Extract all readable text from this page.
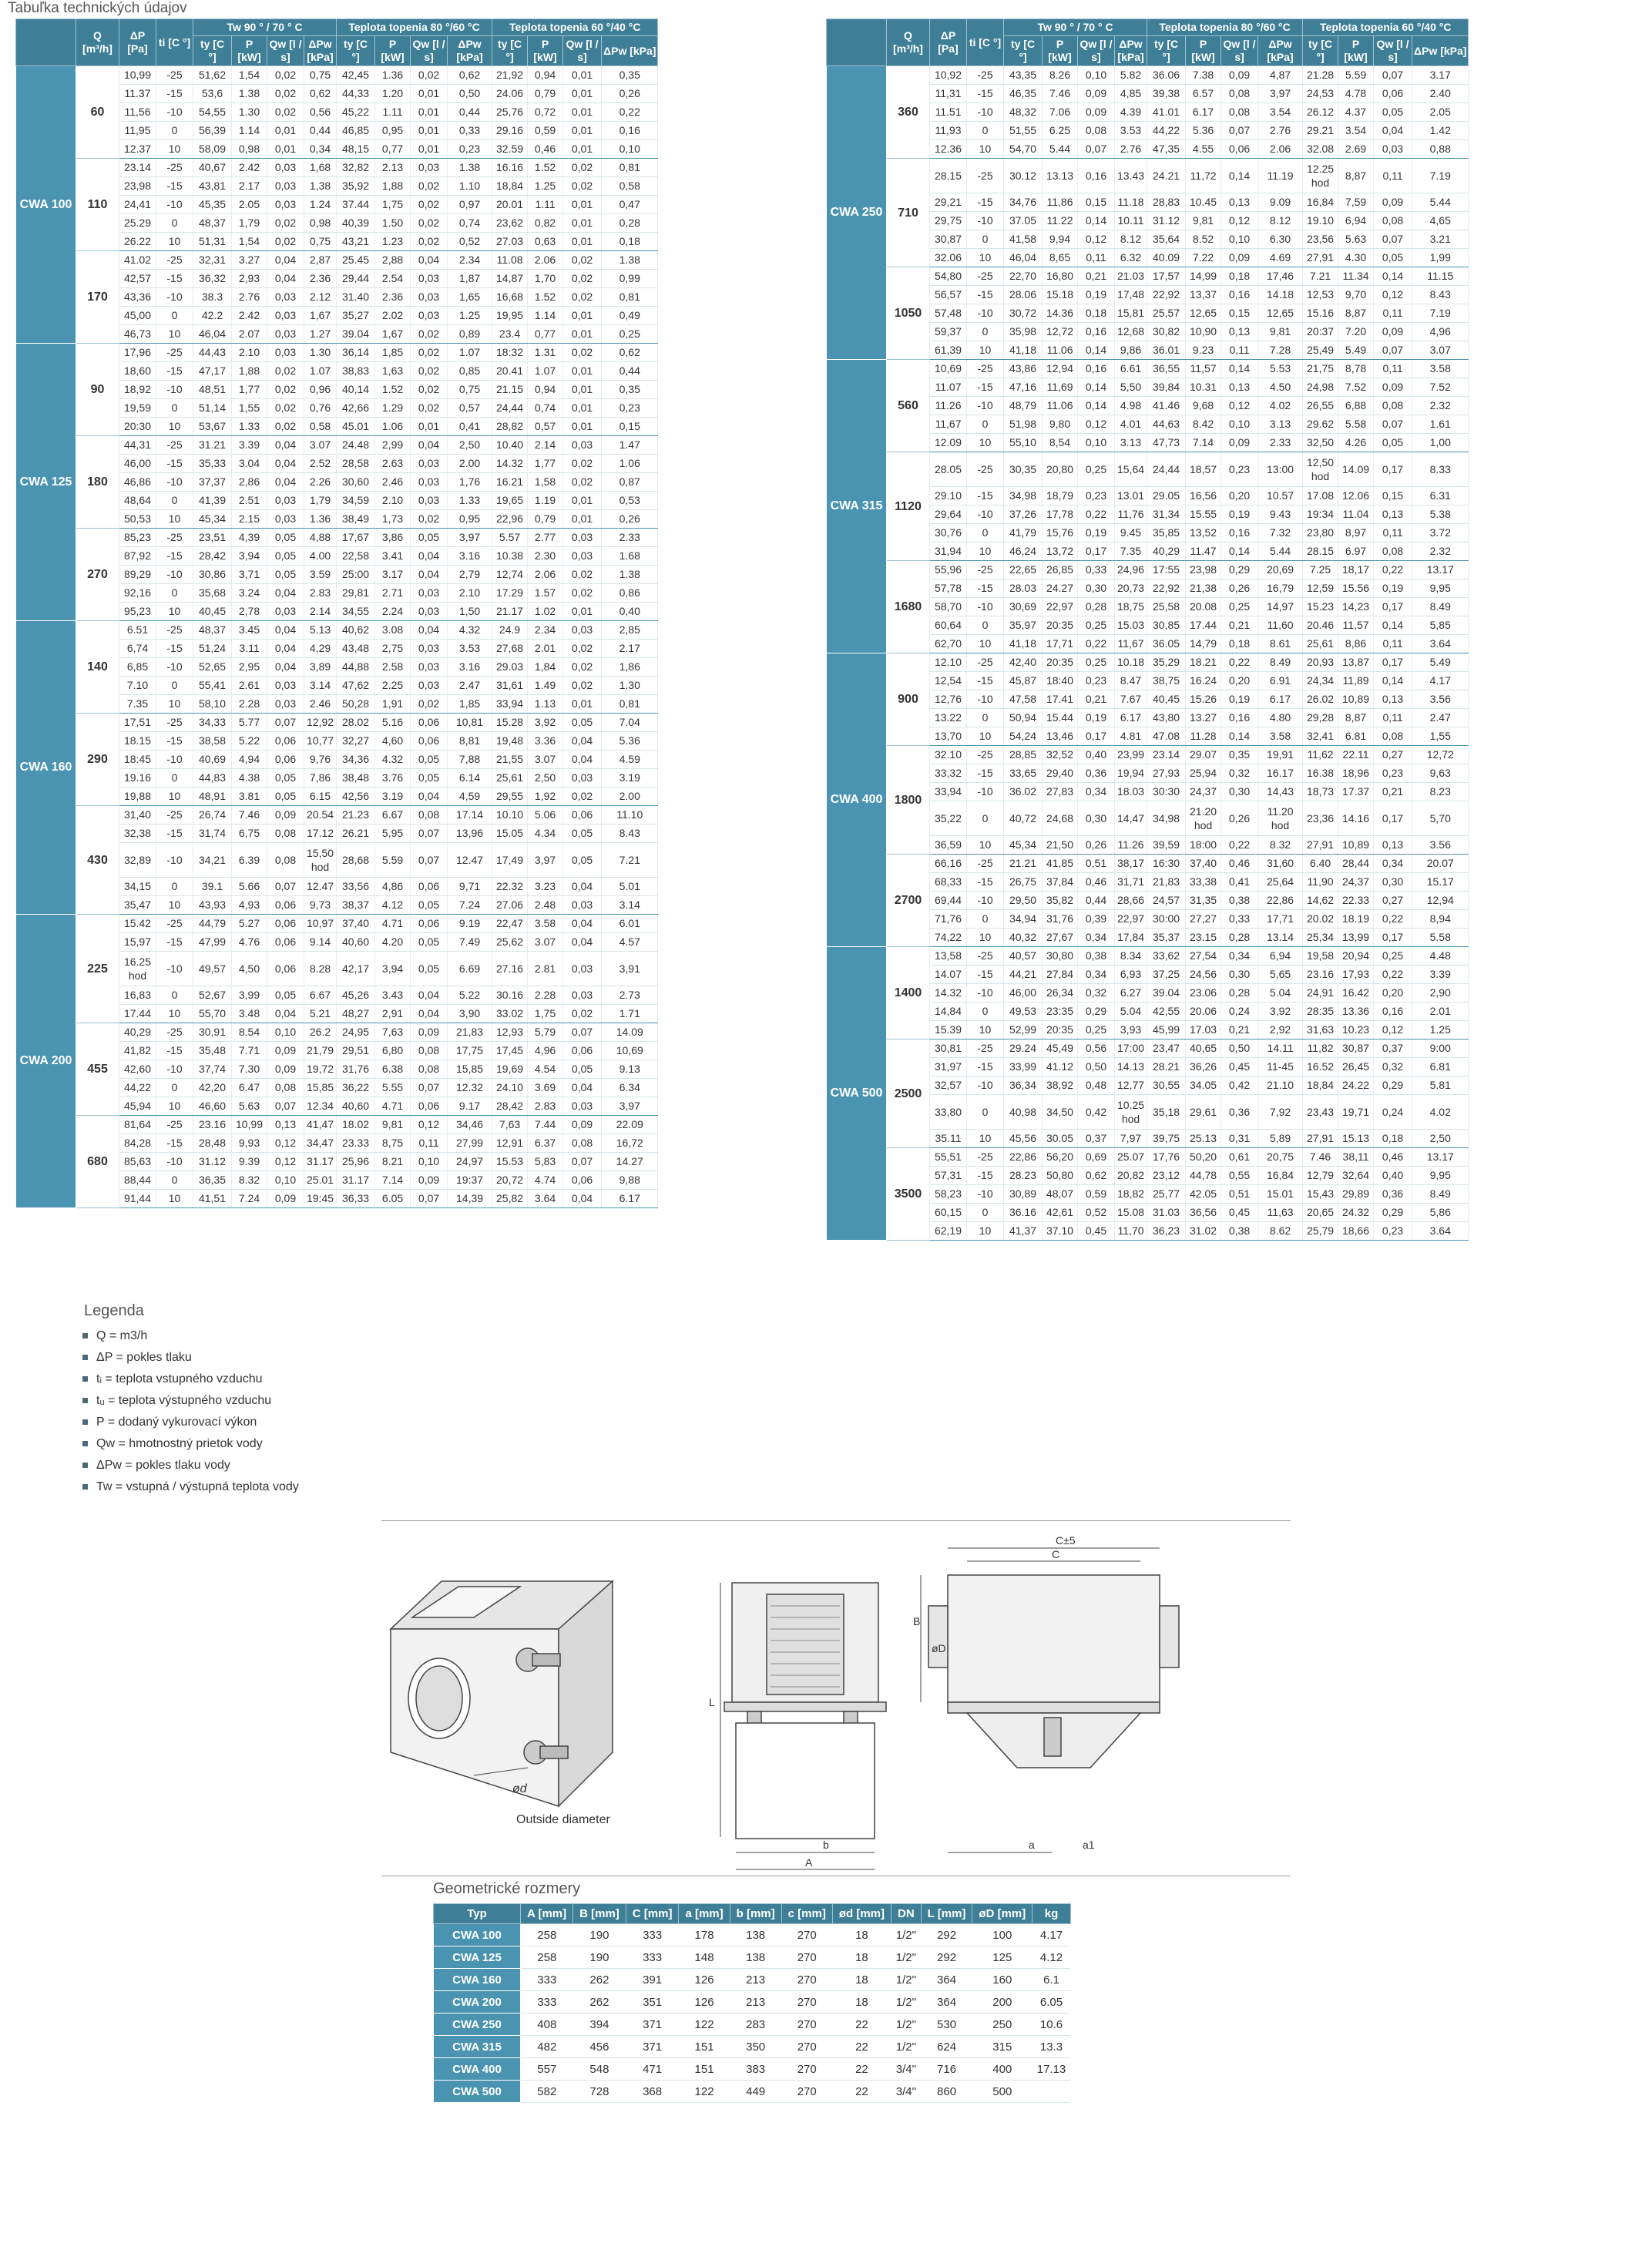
Tabuľka technických údajov
	Q [m³/h]	ΔP [Pa]	ti [C °]	Tw 90 ° / 70 ° C				Teplota topenia 80 °/60 °C				Teplota topenia 60 °/40 °C			
				ty [C °]	P [kW]	Qw [l / s]	ΔPw [kPa]	ty [C °]	P [kW]	Qw [l / s]	ΔPw [kPa]	ty [C °]	P [kW]	Qw [l / s]	ΔPw [kPa]
CWA 100	60	10,99	-25	51,62	1,54	0,02	0,75	42,45	1.36	0,02	0,62	21,92	0,94	0,01	0,35
		11.37	-15	53,6	1.38	0,02	0,62	44,33	1.20	0,01	0,50	24.06	0,79	0,01	0,26
		11,56	-10	54,55	1.30	0,02	0,56	45,22	1.11	0,01	0,44	25,76	0,72	0,01	0,22
		11,95	0	56,39	1.14	0,01	0,44	46,85	0,95	0,01	0,33	29.16	0,59	0,01	0,16
		12.37	10	58,09	0,98	0,01	0,34	48,15	0,77	0,01	0,23	32.59	0,46	0,01	0,10
	110	23.14	-25	40,67	2.42	0,03	1,68	32,82	2.13	0,03	1.38	16.16	1.52	0,02	0,81
		23,98	-15	43,81	2.17	0,03	1,38	35,92	1,88	0,02	1.10	18,84	1.25	0,02	0,58
		24,41	-10	45,35	2.05	0,03	1.24	37.44	1,75	0,02	0,97	20.01	1.11	0,01	0,47
		25.29	0	48,37	1,79	0,02	0,98	40,39	1.50	0,02	0,74	23,62	0,82	0,01	0,28
		26.22	10	51,31	1,54	0,02	0,75	43,21	1.23	0,02	0,52	27.03	0,63	0,01	0,18
	170	41.02	-25	32,31	3.27	0,04	2,87	25.45	2,88	0,04	2.34	11.08	2.06	0,02	1.38
		42,57	-15	36,32	2,93	0,04	2.36	29,44	2.54	0,03	1,87	14,87	1,70	0,02	0,99
		43,36	-10	38.3	2.76	0,03	2.12	31.40	2.36	0,03	1,65	16,68	1.52	0,02	0,81
		45,00	0	42.2	2.42	0,03	1,67	35,27	2.02	0,03	1.25	19,95	1.14	0,01	0,49
		46,73	10	46,04	2.07	0,03	1.27	39.04	1,67	0,02	0,89	23.4	0,77	0,01	0,25
CWA 125	90	17,96	-25	44,43	2.10	0,03	1.30	36,14	1,85	0,02	1.07	18:32	1.31	0,02	0,62
		18,60	-15	47,17	1,88	0,02	1.07	38,83	1,63	0,02	0,85	20.41	1.07	0,01	0,44
		18,92	-10	48,51	1,77	0,02	0,96	40,14	1.52	0,02	0,75	21.15	0,94	0,01	0,35
		19,59	0	51,14	1,55	0,02	0,76	42,66	1.29	0,02	0,57	24,44	0,74	0,01	0,23
		20:30	10	53,67	1.33	0,02	0,58	45.01	1.06	0,01	0,41	28,82	0,57	0,01	0,15
	180	44,31	-25	31.21	3.39	0,04	3.07	24.48	2,99	0,04	2,50	10.40	2.14	0,03	1.47
		46,00	-15	35,33	3.04	0,04	2.52	28,58	2.63	0,03	2.00	14.32	1,77	0,02	1.06
		46,86	-10	37,37	2,86	0,04	2.26	30,60	2.46	0,03	1,76	16.21	1,58	0,02	0,87
		48,64	0	41,39	2.51	0,03	1,79	34,59	2.10	0,03	1.33	19,65	1.19	0,01	0,53
		50,53	10	45,34	2.15	0,03	1.36	38,49	1,73	0,02	0,95	22,96	0,79	0,01	0,26
	270	85,23	-25	23,51	4,39	0,05	4,88	17,67	3,86	0,05	3,97	5.57	2.77	0,03	2.33
		87,92	-15	28,42	3,94	0,05	4.00	22,58	3.41	0,04	3.16	10.38	2.30	0,03	1.68
		89,29	-10	30,86	3,71	0,05	3.59	25:00	3.17	0,04	2,79	12,74	2.06	0,02	1.38
		92,16	0	35,68	3.24	0,04	2.83	29,81	2.71	0,03	2.10	17.29	1.57	0,02	0,86
		95,23	10	40,45	2,78	0,03	2.14	34,55	2.24	0,03	1,50	21.17	1.02	0,01	0,40
CWA 160	140	6.51	-25	48,37	3.45	0,04	5.13	40,62	3.08	0,04	4.32	24.9	2.34	0,03	2,85
		6,74	-15	51,24	3.11	0,04	4,29	43,48	2,75	0,03	3.53	27,68	2.01	0,02	2.17
		6,85	-10	52,65	2,95	0,04	3,89	44,88	2.58	0,03	3.16	29.03	1,84	0,02	1,86
		7.10	0	55,41	2.61	0,03	3.14	47,62	2.25	0,03	2.47	31,61	1.49	0,02	1.30
		7.35	10	58,10	2.28	0,03	2.46	50,28	1,91	0,02	1,85	33,94	1.13	0,01	0,81
	290	17,51	-25	34,33	5.77	0,07	12,92	28.02	5.16	0,06	10,81	15.28	3,92	0,05	7.04
		18.15	-15	38,58	5.22	0,06	10,77	32,27	4,60	0,06	8,81	19,48	3.36	0,04	5.36
		18:45	-10	40,69	4,94	0,06	9,76	34,36	4.32	0,05	7,88	21,55	3.07	0,04	4.59
		19.16	0	44,83	4.38	0,05	7,86	38,48	3.76	0,05	6.14	25,61	2,50	0,03	3.19
		19,88	10	48,91	3.81	0,05	6.15	42,56	3.19	0,04	4,59	29,55	1,92	0,02	2.00
	430	31,40	-25	26,74	7.46	0,09	20.54	21.23	6.67	0,08	17.14	10.10	5.06	0,06	11.10
		32,38	-15	31,74	6,75	0,08	17.12	26.21	5,95	0,07	13,96	15.05	4.34	0,05	8.43
		32,89	-10	34,21	6.39	0,08	15,50 hod	28,68	5.59	0,07	12.47	17,49	3,97	0,05	7.21
		34,15	0	39.1	5.66	0,07	12.47	33,56	4,86	0,06	9,71	22.32	3.23	0,04	5.01
		35,47	10	43,93	4,93	0,06	9,73	38,37	4.12	0,05	7.24	27.06	2.48	0,03	3.14
CWA 200	225	15.42	-25	44,79	5.27	0,06	10,97	37,40	4.71	0,06	9.19	22,47	3.58	0,04	6.01
		15,97	-15	47,99	4.76	0,06	9.14	40,60	4.20	0,05	7.49	25,62	3.07	0,04	4.57
		16.25 hod	-10	49,57	4,50	0,06	8.28	42,17	3,94	0,05	6.69	27.16	2.81	0,03	3,91
		16,83	0	52,67	3,99	0,05	6.67	45,26	3.43	0,04	5.22	30.16	2.28	0,03	2.73
		17.44	10	55,70	3.48	0,04	5.21	48,27	2,91	0,04	3,90	33.02	1,75	0,02	1.71
	455	40,29	-25	30,91	8.54	0,10	26.2	24,95	7,63	0,09	21,83	12,93	5,79	0,07	14.09
		41,82	-15	35,48	7.71	0,09	21,79	29,51	6,80	0,08	17,75	17,45	4,96	0,06	10,69
		42,60	-10	37,74	7.30	0,09	19,72	31,76	6.38	0,08	15,85	19,69	4.54	0,05	9.13
		44,22	0	42,20	6.47	0,08	15,85	36,22	5.55	0,07	12.32	24.10	3.69	0,04	6.34
		45,94	10	46,60	5.63	0,07	12.34	40,60	4.71	0,06	9.17	28,42	2.83	0,03	3,97
	680	81,64	-25	23.16	10,99	0,13	41,47	18.02	9,81	0,12	34,46	7,63	7.44	0,09	22.09
		84,28	-15	28,48	9,93	0,12	34,47	23.33	8,75	0,11	27,99	12,91	6.37	0,08	16,72
		85,63	-10	31.12	9.39	0,12	31.17	25,96	8.21	0,10	24,97	15.53	5,83	0,07	14.27
		88,44	0	36,35	8.32	0,10	25.01	31.17	7.14	0,09	19:37	20,72	4.74	0,06	9,88
		91,44	10	41,51	7.24	0,09	19:45	36,33	6.05	0,07	14,39	25,82	3.64	0,04	6.17
	Q [m³/h]	ΔP [Pa]	ti [C °]	Tw 90 ° / 70 ° C				Teplota topenia 80 °/60 °C				Teplota topenia 60 °/40 °C			
				ty [C °]	P [kW]	Qw [l / s]	ΔPw [kPa]	ty [C °]	P [kW]	Qw [l / s]	ΔPw [kPa]	ty [C °]	P [kW]	Qw [l / s]	ΔPw [kPa]
CWA 250	360	10,92	-25	43,35	8.26	0,10	5.82	36.06	7.38	0,09	4,87	21.28	5.59	0,07	3.17
		11,31	-15	46,35	7.46	0,09	4,85	39,38	6.57	0,08	3,97	24,53	4.78	0,06	2.40
		11.51	-10	48,32	7.06	0,09	4.39	41.01	6.17	0,08	3.54	26.12	4.37	0,05	2.05
		11,93	0	51,55	6.25	0,08	3.53	44,22	5.36	0,07	2.76	29.21	3.54	0,04	1.42
		12.36	10	54,70	5.44	0,07	2.76	47,35	4.55	0,06	2.06	32.08	2.69	0,03	0,88
	710	28.15	-25	30.12	13.13	0,16	13.43	24.21	11,72	0,14	11.19	12.25 hod	8,87	0,11	7.19
		29,21	-15	34,76	11,86	0,15	11.18	28,83	10.45	0,13	9.09	16,84	7,59	0,09	5.44
		29,75	-10	37.05	11.22	0,14	10.11	31.12	9,81	0,12	8.12	19.10	6,94	0,08	4,65
		30,87	0	41,58	9,94	0,12	8.12	35,64	8.52	0,10	6.30	23,56	5.63	0,07	3.21
		32.06	10	46,04	8,65	0,11	6.32	40.09	7.22	0,09	4.69	27,91	4.30	0,05	1,99
	1050	54,80	-25	22,70	16,80	0,21	21.03	17,57	14,99	0,18	17,46	7.21	11.34	0,14	11.15
		56,57	-15	28.06	15.18	0,19	17,48	22,92	13,37	0,16	14.18	12,53	9,70	0,12	8.43
		57,48	-10	30,72	14.36	0,18	15,81	25,57	12,65	0,15	12,65	15.16	8,87	0,11	7.19
		59,37	0	35,98	12,72	0,16	12,68	30,82	10,90	0,13	9,81	20:37	7.20	0,09	4,96
		61,39	10	41,18	11.06	0,14	9,86	36.01	9.23	0,11	7.28	25,49	5.49	0,07	3.07
CWA 315	560	10,69	-25	43,86	12,94	0,16	6.61	36,55	11,57	0,14	5.53	21,75	8,78	0,11	3.58
		11.07	-15	47,16	11,69	0,14	5,50	39,84	10.31	0,13	4.50	24,98	7.52	0,09	7.52
		11.26	-10	48,79	11.06	0,14	4.98	41.46	9,68	0,12	4.02	26,55	6,88	0,08	2.32
		11,67	0	51,98	9,80	0,12	4.01	44,63	8.42	0,10	3.13	29.62	5.58	0,07	1.61
		12.09	10	55,10	8,54	0,10	3.13	47,73	7.14	0,09	2.33	32,50	4.26	0,05	1,00
	1120	28.05	-25	30,35	20,80	0,25	15,64	24,44	18,57	0,23	13:00	12,50 hod	14.09	0,17	8.33
		29.10	-15	34,98	18,79	0,23	13.01	29.05	16,56	0,20	10.57	17.08	12.06	0,15	6.31
		29,64	-10	37,26	17,78	0,22	11,76	31,34	15.55	0,19	9.43	19:34	11.04	0,13	5.38
		30,76	0	41,79	15,76	0,19	9.45	35,85	13,52	0,16	7.32	23,80	8,97	0,11	3.72
		31,94	10	46,24	13,72	0,17	7.35	40,29	11.47	0,14	5.44	28.15	6.97	0,08	2.32
	1680	55,96	-25	22,65	26,85	0,33	24,96	17:55	23,98	0,29	20,69	7.25	18,17	0,22	13.17
		57,78	-15	28.03	24.27	0,30	20,73	22,92	21,38	0,26	16,79	12,59	15.56	0,19	9,95
		58,70	-10	30,69	22,97	0,28	18,75	25,58	20.08	0,25	14,97	15.23	14,23	0,17	8.49
		60,64	0	35,97	20:35	0,25	15.03	30,85	17.44	0,21	11,60	20.46	11,57	0,14	5,85
		62,70	10	41,18	17,71	0,22	11,67	36.05	14,79	0,18	8.61	25,61	8,86	0,11	3.64
CWA 400	900	12.10	-25	42,40	20:35	0,25	10.18	35,29	18.21	0,22	8.49	20,93	13,87	0,17	5.49
		12,54	-15	45,87	18:40	0,23	8.47	38,75	16.24	0,20	6.91	24,34	11,89	0,14	4.17
		12,76	-10	47,58	17.41	0,21	7.67	40,45	15.26	0,19	6.17	26.02	10,89	0,13	3.56
		13.22	0	50,94	15.44	0,19	6.17	43,80	13.27	0,16	4.80	29,28	8,87	0,11	2.47
		13,70	10	54,24	13,46	0,17	4.81	47.08	11.28	0,14	3.58	32,41	6.81	0,08	1,55
	1800	32.10	-25	28,85	32,52	0,40	23,99	23.14	29.07	0,35	19,91	11,62	22.11	0,27	12,72
		33,32	-15	33,65	29,40	0,36	19,94	27,93	25,94	0,32	16.17	16.38	18,96	0,23	9,63
		33,94	-10	36.02	27,83	0,34	18.03	30:30	24,37	0,30	14,43	18,73	17.37	0,21	8.23
		35,22	0	40,72	24,68	0,30	14,47	34,98	21.20 hod	0,26	11.20 hod	23,36	14.16	0,17	5,70
		36,59	10	45,34	21,50	0,26	11.26	39,59	18:00	0,22	8.32	27,91	10,89	0,13	3.56
	2700	66,16	-25	21.21	41,85	0,51	38,17	16:30	37,40	0,46	31,60	6.40	28,44	0,34	20.07
		68,33	-15	26,75	37,84	0,46	31,71	21,83	33,38	0,41	25,64	11,90	24,37	0,30	15.17
		69,44	-10	29,50	35,82	0,44	28,66	24,57	31,35	0,38	22,86	14,62	22.33	0,27	12,94
		71,76	0	34,94	31,76	0,39	22,97	30:00	27,27	0,33	17,71	20.02	18.19	0,22	8,94
		74,22	10	40,32	27,67	0,34	17,84	35,37	23.15	0,28	13.14	25,34	13,99	0,17	5.58
CWA 500	1400	13,58	-25	40,57	30,80	0,38	8.34	33,62	27,54	0,34	6,94	19,58	20,94	0,25	4.48
		14.07	-15	44,21	27,84	0,34	6,93	37,25	24,56	0,30	5,65	23.16	17,93	0,22	3.39
		14.32	-10	46,00	26,34	0,32	6.27	39.04	23.06	0,28	5.04	24,91	16.42	0,20	2,90
		14,84	0	49,53	23:35	0,29	5.04	42,55	20.06	0,24	3,92	28:35	13.36	0,16	2.01
		15.39	10	52,99	20:35	0,25	3,93	45,99	17.03	0,21	2,92	31,63	10.23	0,12	1.25
	2500	30,81	-25	29.24	45,49	0,56	17:00	23,47	40,65	0,50	14.11	11,82	30,87	0,37	9:00
		31,97	-15	33,99	41.12	0,50	14.13	28.21	36,26	0,45	11-45	16.52	26,45	0,32	6.81
		32,57	-10	36,34	38,92	0,48	12,77	30,55	34.05	0,42	21.10	18,84	24.22	0,29	5.81
		33,80	0	40,98	34,50	0,42	10.25 hod	35,18	29,61	0,36	7,92	23,43	19,71	0,24	4.02
		35.11	10	45,56	30.05	0,37	7,97	39,75	25.13	0,31	5,89	27,91	15.13	0,18	2,50
	3500	55,51	-25	22,86	56,20	0,69	25.07	17,76	50,20	0,61	20,75	7.46	38,11	0,46	13.17
		57,31	-15	28.23	50,80	0,62	20,82	23,12	44,78	0,55	16,84	12,79	32,64	0,40	9,95
		58,23	-10	30,89	48,07	0,59	18,82	25,77	42.05	0,51	15.01	15,43	29,89	0,36	8.49
		60,15	0	36.16	42,61	0,52	15.08	31.03	36,56	0,45	11,63	20,65	24.32	0,29	5,86
		62,19	10	41,37	37.10	0,45	11,70	36,23	31.02	0,38	8.62	25,79	18,66	0,23	3.64
Legenda
Q = m3/h
ΔP = pokles tlaku
tᵢ = teplota vstupného vzduchu
tᵤ = teplota výstupného vzduchu
P = dodaný vykurovací výkon
Qw = hmotnostný prietok vody
ΔPw = pokles tlaku vody
Tw = vstupná / výstupná teplota vody
ød
Outside diameter
L
b
A
C±5
C
B
øD
a	a1
Geometrické rozmery
Typ	A [mm]	B [mm]	C [mm]	a [mm]	b [mm]	c [mm]	ød [mm]	DN	L [mm]	øD [mm]	kg
CWA 100	258	190	333	178	138	270	18	1/2"	292	100	4.17
CWA 125	258	190	333	148	138	270	18	1/2"	292	125	4.12
CWA 160	333	262	391	126	213	270	18	1/2"	364	160	6.1
CWA 200	333	262	351	126	213	270	18	1/2"	364	200	6.05
CWA 250	408	394	371	122	283	270	22	1/2"	530	250	10.6
CWA 315	482	456	371	151	350	270	22	1/2"	624	315	13.3
CWA 400	557	548	471	151	383	270	22	3/4"	716	400	17.13
CWA 500	582	728	368	122	449	270	22	3/4"	860	500	
